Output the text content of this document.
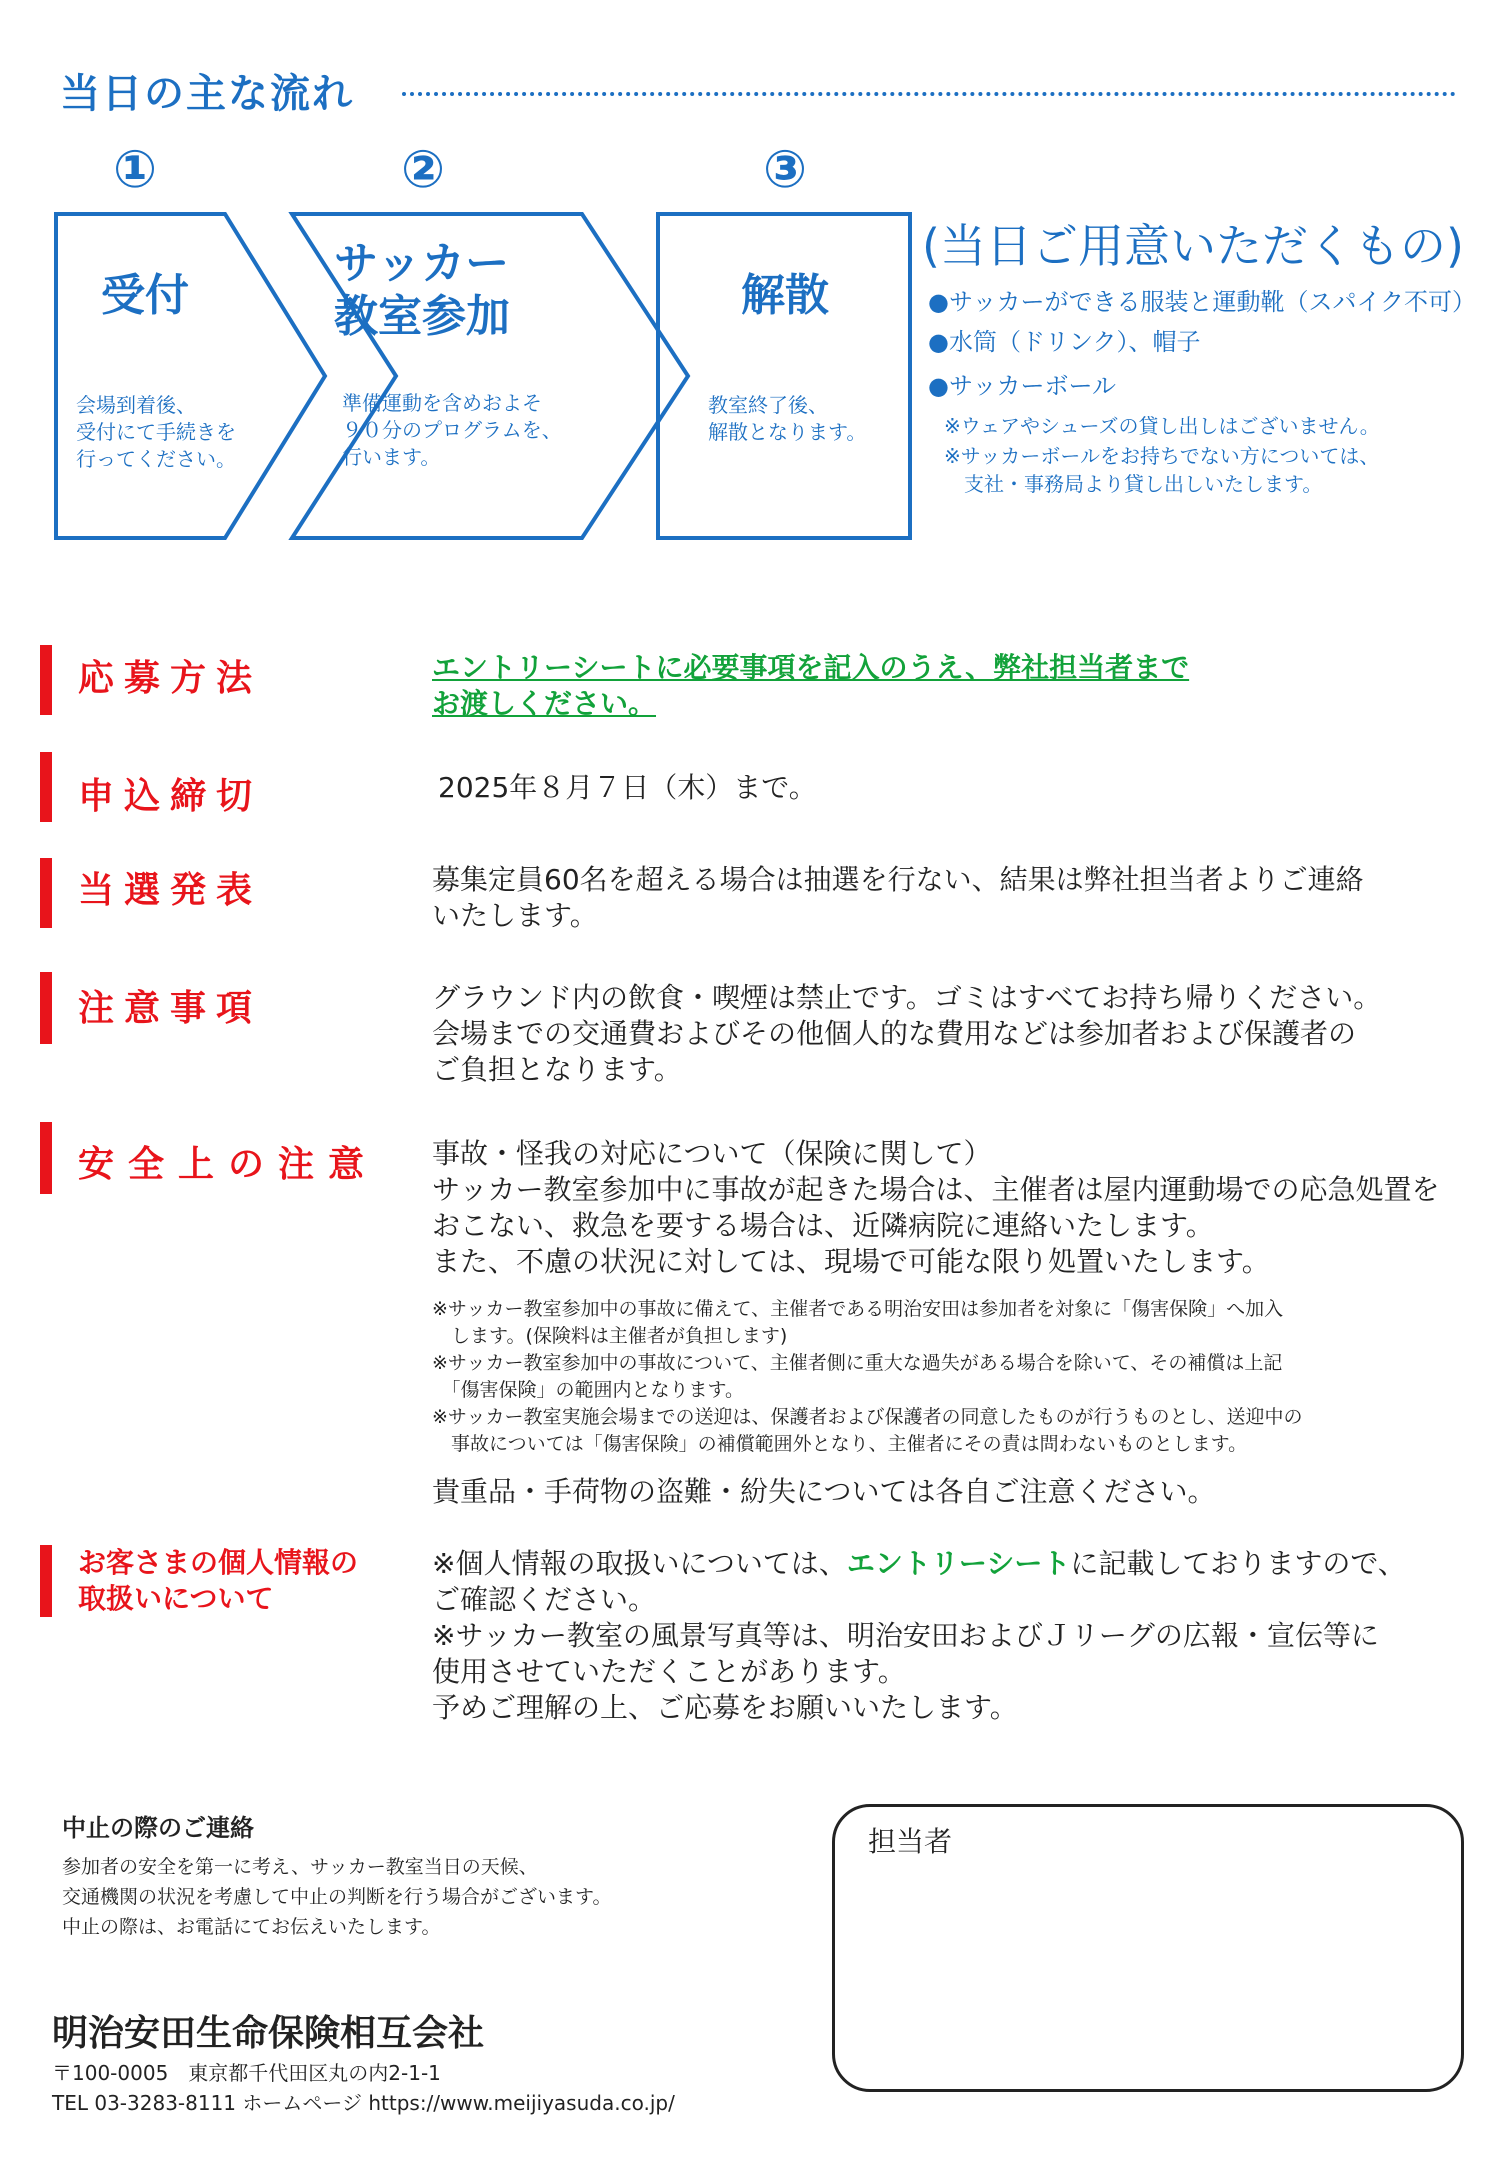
当日の主な流れ
①	②	③
受付
会場到着後、
受付にて手続きを
行ってください。
サッカー
教室参加
準備運動を含めおよそ
９０分のプログラムを、
行います。
解散
教室終了後、
解散となります。
(当日ご用意いただくもの)
●サッカーができる服装と運動靴（スパイク不可）
●水筒（ドリンク）、帽子
●サッカーボール
※ウェアやシューズの貸し出しはございません。
※サッカーボールをお持ちでない方については、
　支社・事務局より貸し出しいたします。
応募方法	エントリーシートに必要事項を記入のうえ、弊社担当者まで
お渡しください。
申込締切	2025年８月７日（木）まで。
当選発表	募集定員60名を超える場合は抽選を行ない、結果は弊社担当者よりご連絡
いたします。
注意事項	グラウンド内の飲食・喫煙は禁止です。ゴミはすべてお持ち帰りください。
会場までの交通費およびその他個人的な費用などは参加者および保護者の
ご負担となります。
安全上の注意 事故・怪我の対応について（保険に関して）
サッカー教室参加中に事故が起きた場合は、主催者は屋内運動場での応急処置を
おこない、救急を要する場合は、近隣病院に連絡いたします。
また、不慮の状況に対しては、現場で可能な限り処置いたします。
※サッカー教室参加中の事故に備えて、主催者である明治安田は参加者を対象に「傷害保険」へ加入
　します。(保険料は主催者が負担します)
※サッカー教室参加中の事故について、主催者側に重大な過失がある場合を除いて、その補償は上記
　「傷害保険」の範囲内となります。
※サッカー教室実施会場までの送迎は、保護者および保護者の同意したものが行うものとし、送迎中の
　事故については「傷害保険」の補償範囲外となり、主催者にその責は問わないものとします。
貴重品・手荷物の盗難・紛失については各自ご注意ください。
お客さまの個人情報の
取扱いについて
※個人情報の取扱いについては、エントリーシートに記載しておりますので、
ご確認ください。
※サッカー教室の風景写真等は、明治安田およびＪリーグの広報・宣伝等に
使用させていただくことがあります。
予めご理解の上、ご応募をお願いいたします。
中止の際のご連絡
参加者の安全を第一に考え、サッカー教室当日の天候、
交通機関の状況を考慮して中止の判断を行う場合がございます。
中止の際は、お電話にてお伝えいたします。
明治安田生命保険相互会社
〒100-0005　東京都千代田区丸の内2-1-1
TEL 03-3283-8111 ホームページ https://www.meijiyasuda.co.jp/
担当者
